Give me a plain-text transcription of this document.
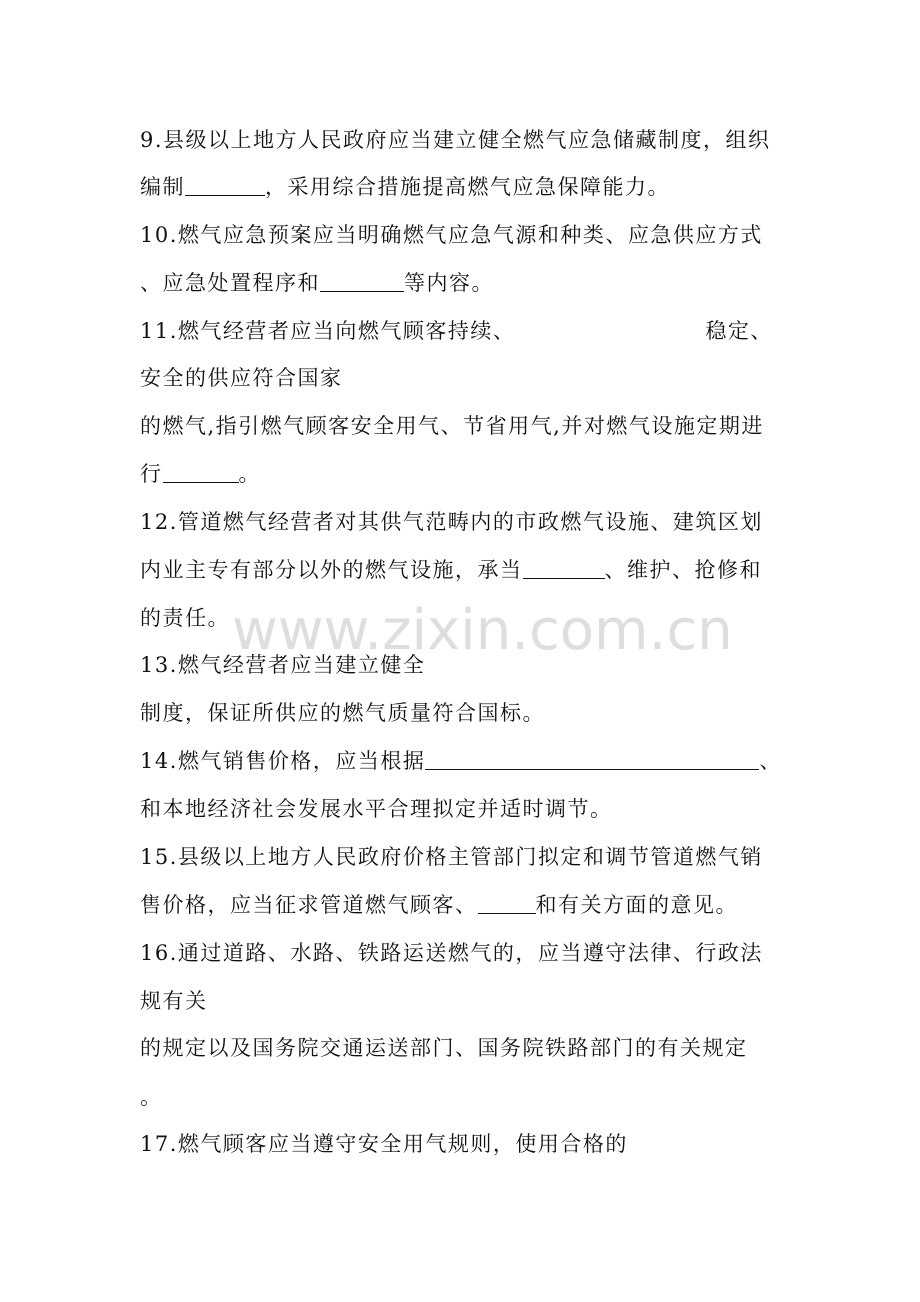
9.县级以上地方人民政府应当建立健全燃气应急储藏制度，组织
编制	，采用综合措施提高燃气应急保障能力。
10.燃气应急预案应当明确燃气应急气源和种类、应急供应方式
、应急处置程序和	等内容。
11.燃气经营者应当向燃气顾客持续、	稳定、
安全的供应符合国家
的燃气,指引燃气顾客安全用气、节省用气,并对燃气设施定期进
行	。
12.管道燃气经营者对其供气范畴内的市政燃气设施、建筑区划
内业主专有部分以外的燃气设施，承当	、维护、抢修和
的责任。
13.燃气经营者应当建立健全
制度，保证所供应的燃气质量符合国标。
14.燃气销售价格，应当根据	、
和本地经济社会发展水平合理拟定并适时调节。
15.县级以上地方人民政府价格主管部门拟定和调节管道燃气销
售价格，应当征求管道燃气顾客、	和有关方面的意见。
16.通过道路、水路、铁路运送燃气的，应当遵守法律、行政法
规有关
的规定以及国务院交通运送部门、国务院铁路部门的有关规定
。
17.燃气顾客应当遵守安全用气规则，使用合格的
www.zixin.com.cn
